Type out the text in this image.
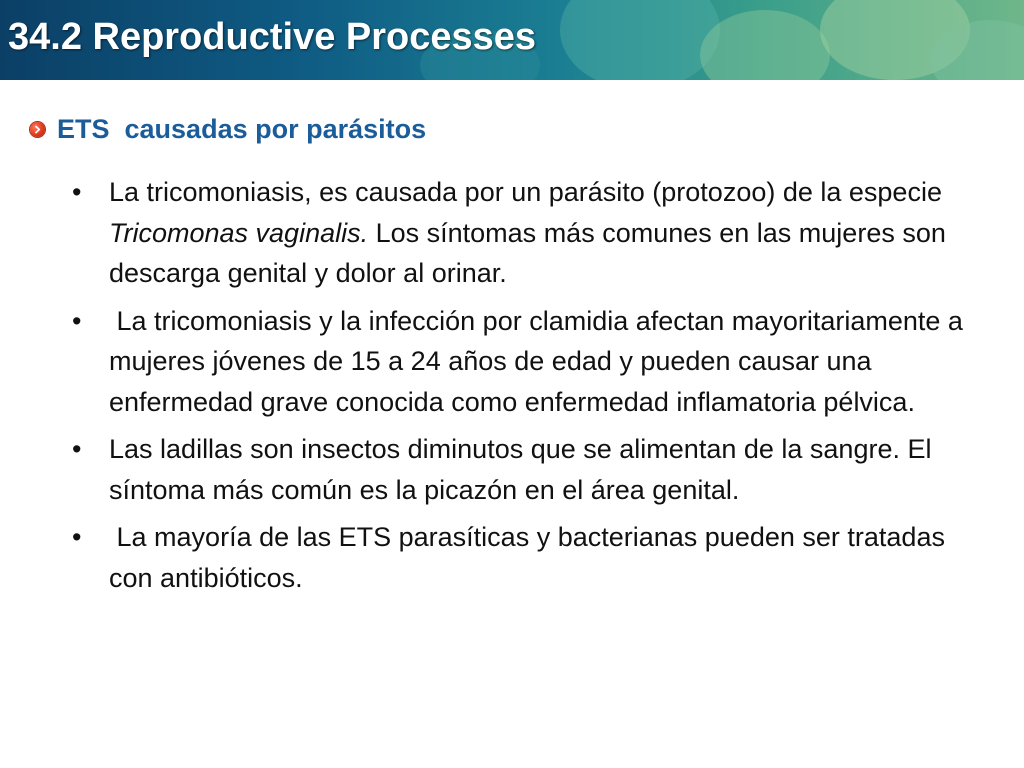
34.2 Reproductive Processes
ETS  causadas por parásitos
• La tricomoniasis, es causada por un parásito (protozoo) de la especie Tricomonas vaginalis. Los síntomas más comunes en las mujeres son descarga genital y dolor al orinar.
• La tricomoniasis y la infección por clamidia afectan mayoritariamente a mujeres jóvenes de 15 a 24 años de edad y pueden causar una enfermedad grave conocida como enfermedad inflamatoria pélvica.
• Las ladillas son insectos diminutos que se alimentan de la sangre. El síntoma más común es la picazón en el área genital.
• La mayoría de las ETS parasíticas y bacterianas pueden ser tratadas con antibióticos.
